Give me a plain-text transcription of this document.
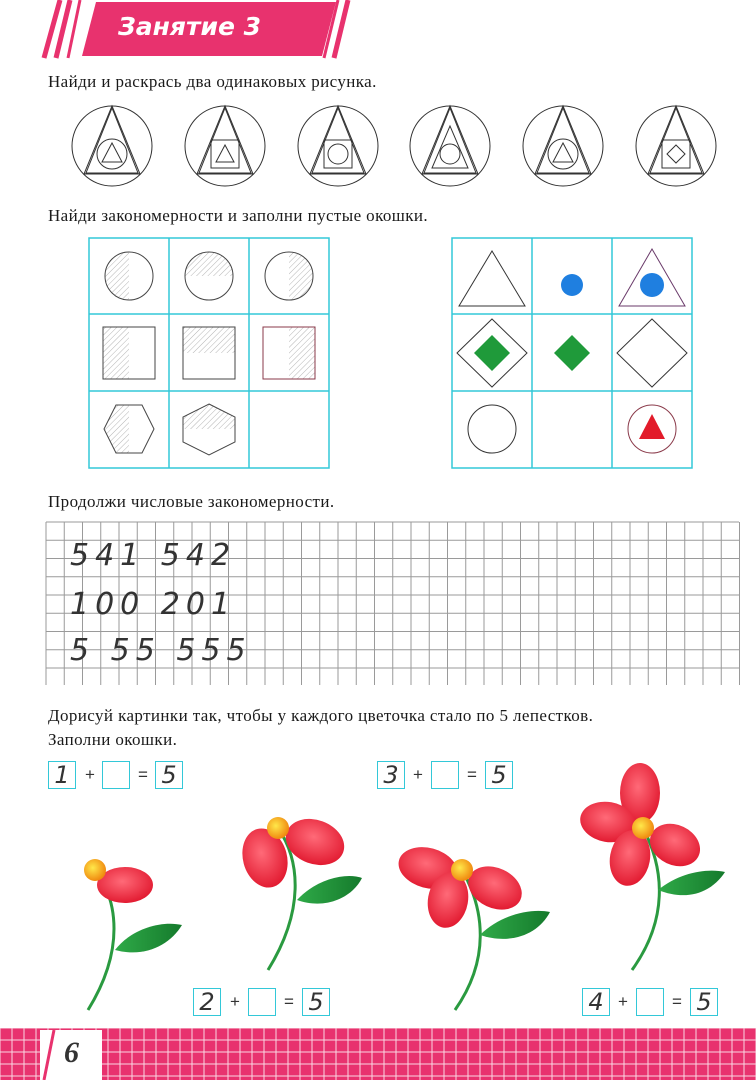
Занятие 3
Найди и раскрась два одинаковых рисунка.
Найди закономерности и заполни пустые окошки.
Продолжи числовые закономерности.
541 542
100 201
5 55 555
Дорисуй картинки так, чтобы у каждого цветочка стало по 5 лепестков.
Заполни окошки.
1 +	= 5	3 +	= 5
2 +	= 5	4 +	= 5
6
